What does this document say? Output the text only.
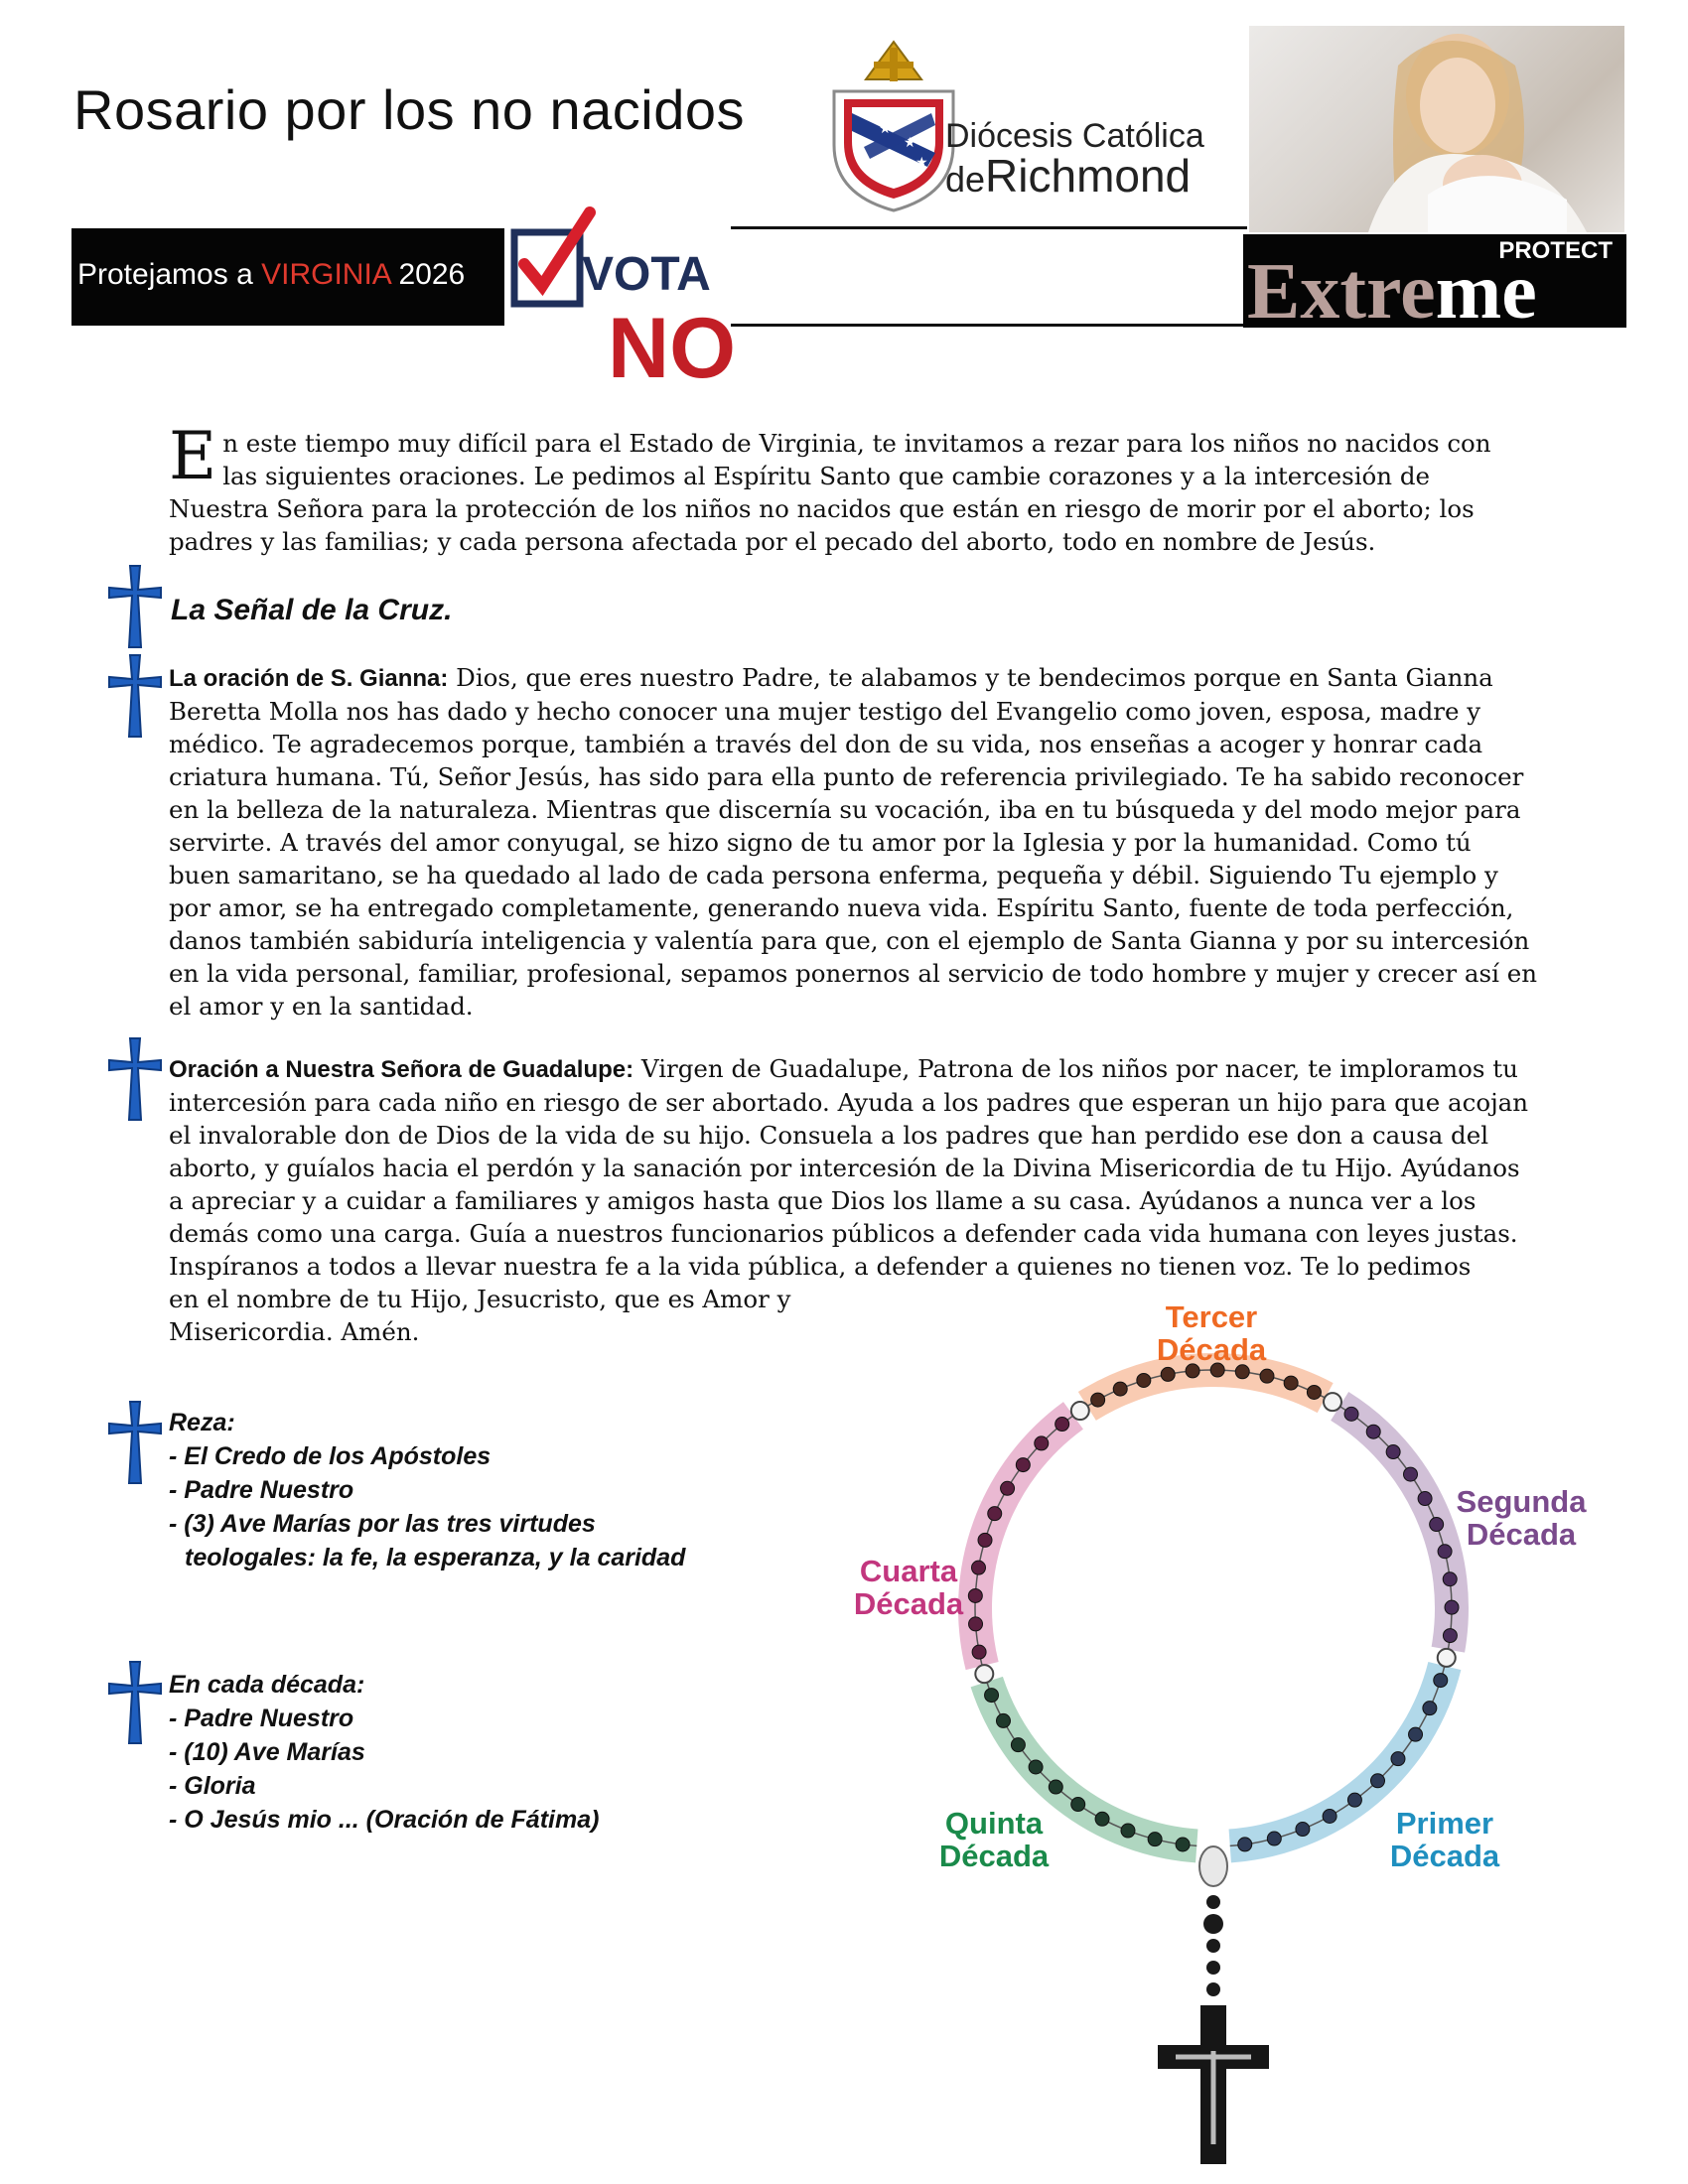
Rosario por los no nacidos	★
★
★
Diócesis Católica
deRichmond
Protejamos a VIRGINIA 2026 VOTA
NO
PROTECT
Extreme
En este tiempo muy difícil para el Estado de Virginia, te invitamos a rezar para los niños no nacidos con las siguientes oraciones. Le pedimos al Espíritu Santo que cambie corazones y a la intercesión de Nuestra Señora para la protección de los niños no nacidos que están en riesgo de morir por el aborto; los padres y las familias; y cada persona afectada por el pecado del aborto, todo en nombre de Jesús.
La Señal de la Cruz.
La oración de S. Gianna: Dios, que eres nuestro Padre, te alabamos y te bendecimos porque en Santa Gianna Beretta Molla nos has dado y hecho conocer una mujer testigo del Evangelio como joven, esposa, madre y médico. Te agradecemos porque, también a través del don de su vida, nos enseñas a acoger y honrar cada criatura humana. Tú, Señor Jesús, has sido para ella punto de referencia privilegiado. Te ha sabido reconocer en la belleza de la naturaleza. Mientras que discernía su vocación, iba en tu búsqueda y del modo mejor para servirte. A través del amor conyugal, se hizo signo de tu amor por la Iglesia y por la humanidad. Como tú buen samaritano, se ha quedado al lado de cada persona enferma, pequeña y débil. Siguiendo Tu ejemplo y por amor, se ha entregado completamente, generando nueva vida. Espíritu Santo, fuente de toda perfección, danos también sabiduría inteligencia y valentía para que, con el ejemplo de Santa Gianna y por su intercesión en la vida personal, familiar, profesional, sepamos ponernos al servicio de todo hombre y mujer y crecer así en el amor y en la santidad.
Oración a Nuestra Señora de Guadalupe: Virgen de Guadalupe, Patrona de los niños por nacer, te imploramos tu intercesión para cada niño en riesgo de ser abortado. Ayuda a los padres que esperan un hijo para que acojan el invalorable don de Dios de la vida de su hijo. Consuela a los padres que han perdido ese don a causa del aborto, y guíalos hacia el perdón y la sanación por intercesión de la Divina Misericordia de tu Hijo. Ayúdanos a apreciar y a cuidar a familiares y amigos hasta que Dios los llame a su casa. Ayúdanos a nunca ver a los demás como una carga. Guía a nuestros funcionarios públicos a defender cada vida humana con leyes justas. Inspíranos a todos a llevar nuestra fe a la vida pública, a defender a quienes no tienen voz. Te lo pedimos
en el nombre de tu Hijo, Jesucristo, que es Amor y
Misericordia. Amén.
Reza:
- El Credo de los Apóstoles
- Padre Nuestro
- (3) Ave Marías por las tres virtudes
teologales: la fe, la esperanza, y la caridad
En cada década:
- Padre Nuestro
- (10) Ave Marías
- Gloria
- O Jesús mio ... (Oración de Fátima)
Tercer
Década
Segunda
Década
Cuarta
Década
Quinta
Década
Primer
Década
